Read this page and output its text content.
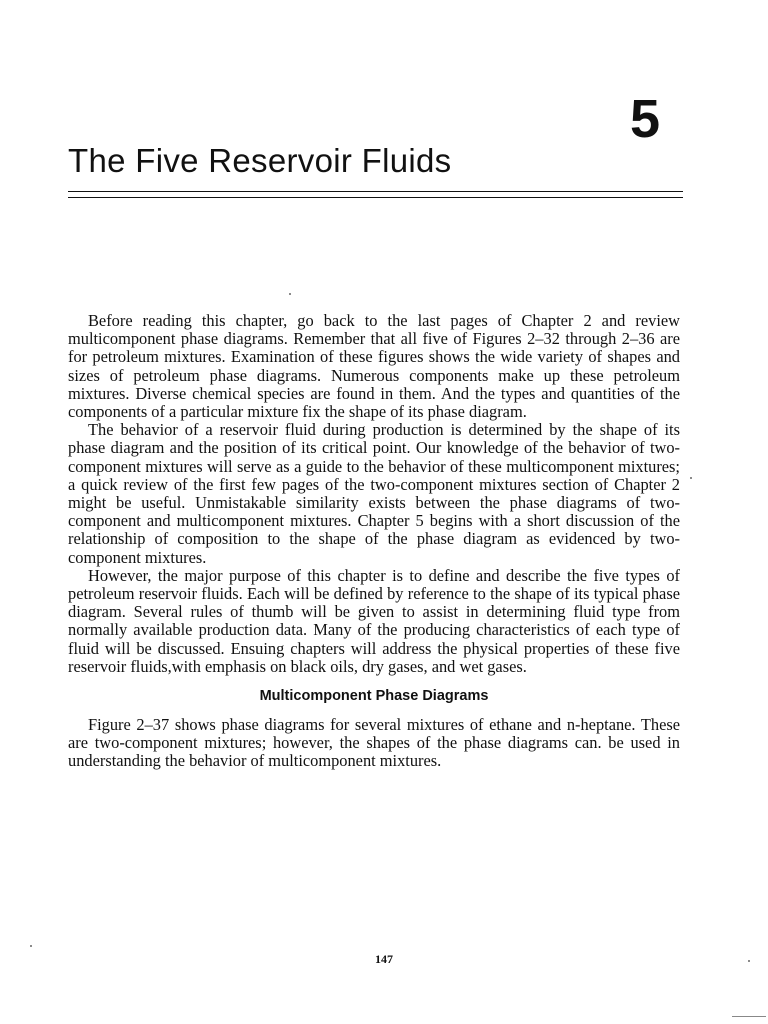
5
The Five Reservoir Fluids

Before reading this chapter, go back to the last pages of Chapter 2 and review multicomponent phase diagrams. Remember that all five of Figures 2–32 through 2–36 are for petroleum mixtures. Examination of these figures shows the wide variety of shapes and sizes of petroleum phase diagrams. Numerous components make up these petroleum mixtures. Diverse chemical species are found in them. And the types and quantities of the components of a particular mixture fix the shape of its phase diagram.

The behavior of a reservoir fluid during production is determined by the shape of its phase diagram and the position of its critical point. Our knowledge of the behavior of two-component mixtures will serve as a guide to the behavior of these multicomponent mixtures; a quick review of the first few pages of the two-component mixtures section of Chapter 2 might be useful. Unmistakable similarity exists between the phase diagrams of two-component and multicomponent mixtures. Chapter 5 begins with a short discussion of the relationship of composition to the shape of the phase diagram as evidenced by two-component mixtures.

However, the major purpose of this chapter is to define and describe the five types of petroleum reservoir fluids. Each will be defined by reference to the shape of its typical phase diagram. Several rules of thumb will be given to assist in determining fluid type from normally available production data. Many of the producing characteristics of each type of fluid will be discussed. Ensuing chapters will address the physical properties of these five reservoir fluids,with emphasis on black oils, dry gases, and wet gases.

Multicomponent Phase Diagrams

Figure 2–37 shows phase diagrams for several mixtures of ethane and n-heptane. These are two-component mixtures; however, the shapes of the phase diagrams can. be used in understanding the behavior of multicomponent mixtures.

147
